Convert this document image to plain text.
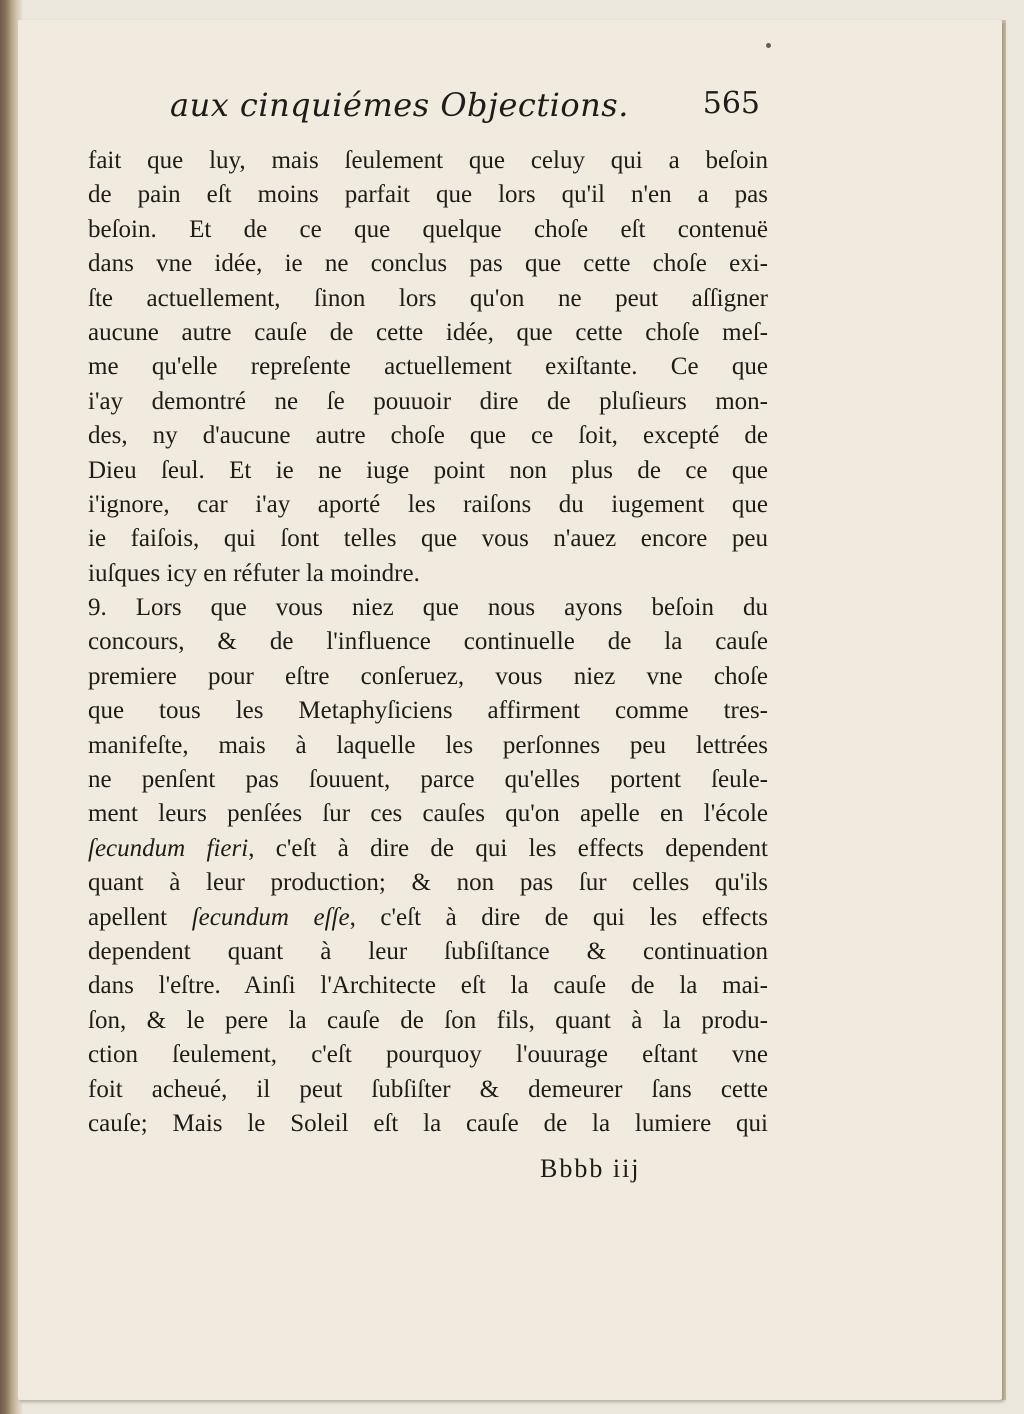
aux cinquiémes Objections.	565
fait que luy, mais ſeulement que celuy qui a beſoin
de pain eſt moins parfait que lors qu'il n'en a pas
beſoin. Et de ce que quelque choſe eſt contenuë
dans vne idée, ie ne conclus pas que cette choſe exi-
ſte actuellement, ſinon lors qu'on ne peut aſſigner
aucune autre cauſe de cette idée, que cette choſe meſ-
me qu'elle repreſente actuellement exiſtante. Ce que
i'ay demontré ne ſe pouuoir dire de pluſieurs mon-
des, ny d'aucune autre choſe que ce ſoit, excepté de
Dieu ſeul. Et ie ne iuge point non plus de ce que
i'ignore, car i'ay aporté les raiſons du iugement que
ie faiſois, qui ſont telles que vous n'auez encore peu
iuſques icy en réfuter la moindre.
9. Lors que vous niez que nous ayons beſoin du
concours, & de l'influence continuelle de la cauſe
premiere pour eſtre conſeruez, vous niez vne choſe
que tous les Metaphyſiciens affirment comme tres-
manifeſte, mais à laquelle les perſonnes peu lettrées
ne penſent pas ſouuent, parce qu'elles portent ſeule-
ment leurs penſées ſur ces cauſes qu'on apelle en l'école
ſecundum fieri, c'eſt à dire de qui les effects dependent
quant à leur production; & non pas ſur celles qu'ils
apellent ſecundum eſſe, c'eſt à dire de qui les effects
dependent quant à leur ſubſiſtance & continuation
dans l'eſtre. Ainſi l'Architecte eſt la cauſe de la mai-
ſon, & le pere la cauſe de ſon fils, quant à la produ-
ction ſeulement, c'eſt pourquoy l'ouurage eſtant vne
foit acheué, il peut ſubſiſter & demeurer ſans cette
cauſe; Mais le Soleil eſt la cauſe de la lumiere qui
Bbbb iij
